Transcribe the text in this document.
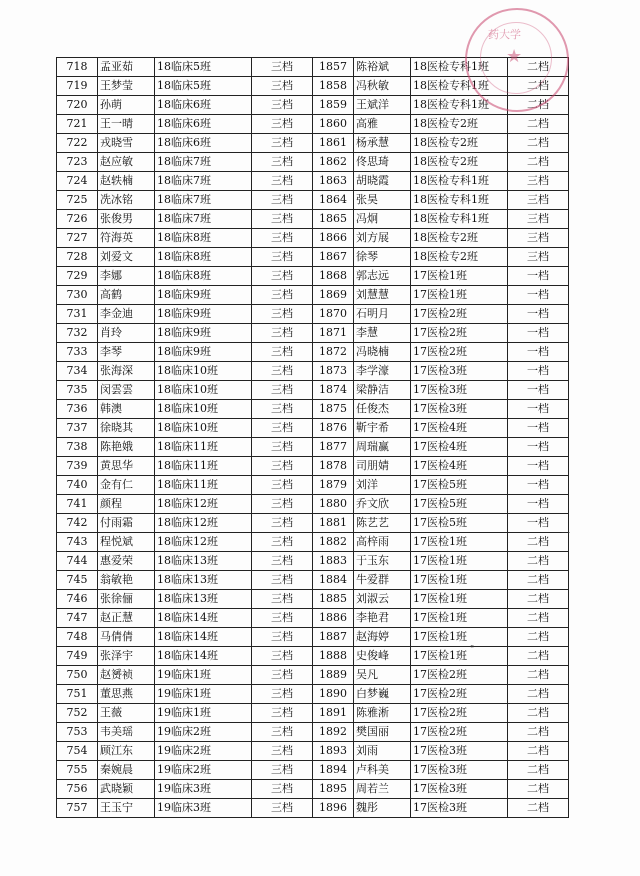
718	孟亚茹	18临床5班	三档	1857	陈裕斌	18医检专科1班	二档
719	王梦莹	18临床5班	三档	1858	冯秋敏	18医检专科1班	二档
720	孙萌	18临床6班	三档	1859	王斌洋	18医检专科1班	二档
721	王一晴	18临床6班	三档	1860	高雅	18医检专2班	二档
722	戎晓雪	18临床6班	三档	1861	杨承慧	18医检专2班	二档
723	赵应敏	18临床7班	三档	1862	佟思琦	18医检专2班	二档
724	赵轶楠	18临床7班	三档	1863	胡晓霞	18医检专科1班	三档
725	冼冰铭	18临床7班	三档	1864	张昊	18医检专科1班	三档
726	张俊男	18临床7班	三档	1865	冯炯	18医检专科1班	三档
727	符海英	18临床8班	三档	1866	刘方展	18医检专2班	三档
728	刘爱文	18临床8班	三档	1867	徐琴	18医检专2班	三档
729	李娜	18临床8班	三档	1868	郭志远	17医检1班	一档
730	高鹤	18临床9班	三档	1869	刘慧慧	17医检1班	一档
731	李金迪	18临床9班	三档	1870	石明月	17医检2班	一档
732	肖玲	18临床9班	三档	1871	李慧	17医检2班	一档
733	李琴	18临床9班	三档	1872	冯晓楠	17医检2班	一档
734	张海深	18临床10班	三档	1873	李学濠	17医检3班	一档
735	闵雲雲	18临床10班	三档	1874	梁静洁	17医检3班	一档
736	韩澳	18临床10班	三档	1875	任俊杰	17医检3班	一档
737	徐晓其	18临床10班	三档	1876	靳宇希	17医检4班	一档
738	陈艳娥	18临床11班	三档	1877	周瑞赢	17医检4班	一档
739	黄思华	18临床11班	三档	1878	司朋婧	17医检4班	一档
740	金有仁	18临床11班	三档	1879	刘洋	17医检5班	一档
741	颜程	18临床12班	三档	1880	乔文欣	17医检5班	一档
742	付雨霜	18临床12班	三档	1881	陈艺艺	17医检5班	一档
743	程悦斌	18临床12班	三档	1882	高梓雨	17医检1班	二档
744	惠爱荣	18临床13班	三档	1883	于玉东	17医检1班	二档
745	翁敏艳	18临床13班	三档	1884	牛爱群	17医检1班	二档
746	张徐俪	18临床13班	三档	1885	刘淑云	17医检1班	二档
747	赵正慧	18临床14班	三档	1886	李艳君	17医检1班	二档
748	马倩倩	18临床14班	三档	1887	赵海婷	17医检1班	二档
749	张泽宇	18临床14班	三档	1888	史俊峰	17医检1班	二档
750	赵赟祯	19临床1班	三档	1889	吴凡	17医检2班	二档
751	董思燕	19临床1班	三档	1890	白梦巍	17医检2班	二档
752	王薇	19临床1班	三档	1891	陈雅淅	17医检2班	二档
753	韦美瑶	19临床2班	三档	1892	樊国丽	17医检2班	二档
754	顾江东	19临床2班	三档	1893	刘雨	17医检3班	二档
755	秦婉晨	19临床2班	三档	1894	卢科美	17医检3班	二档
756	武晓颖	19临床3班	三档	1895	周若兰	17医检3班	二档
757	王玉宁	19临床3班	三档	1896	魏彤	17医检3班	二档
★
药大学
—
"
